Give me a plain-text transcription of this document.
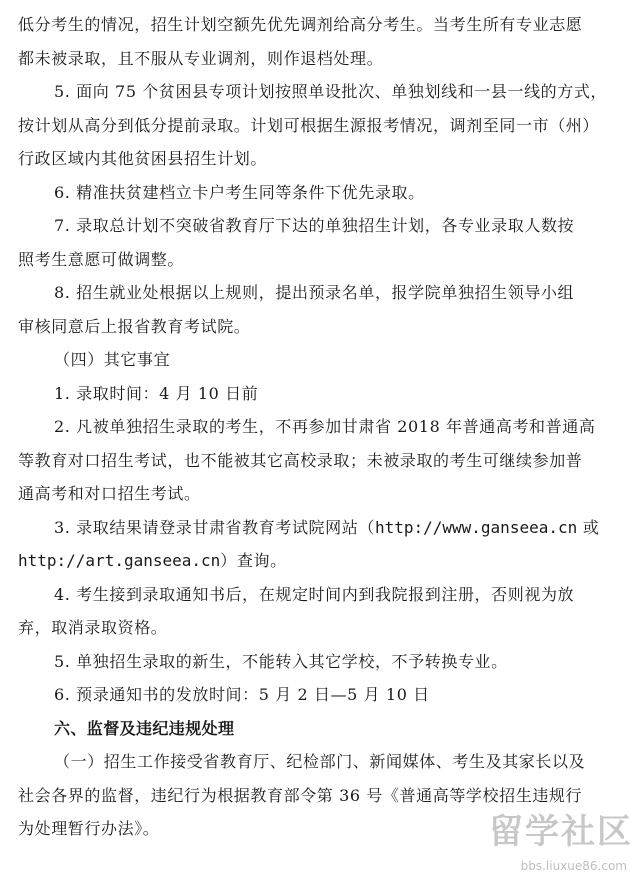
低分考生的情况，招生计划空额先优先调剂给高分考生。当考生所有专业志愿
都未被录取，且不服从专业调剂，则作退档处理。
5. 面向 75 个贫困县专项计划按照单设批次、单独划线和一县一线的方式，
按计划从高分到低分提前录取。计划可根据生源报考情况，调剂至同一市（州）
行政区域内其他贫困县招生计划。
6. 精准扶贫建档立卡户考生同等条件下优先录取。
7. 录取总计划不突破省教育厅下达的单独招生计划，各专业录取人数按
照考生意愿可做调整。
8. 招生就业处根据以上规则，提出预录名单，报学院单独招生领导小组
审核同意后上报省教育考试院。
（四）其它事宜
1. 录取时间：4 月 10 日前
2. 凡被单独招生录取的考生，不再参加甘肃省 2018 年普通高考和普通高
等教育对口招生考试，也不能被其它高校录取；未被录取的考生可继续参加普
通高考和对口招生考试。
3. 录取结果请登录甘肃省教育考试院网站（http://www.ganseea.cn 或
http://art.ganseea.cn）查询。
4. 考生接到录取通知书后，在规定时间内到我院报到注册，否则视为放
弃，取消录取资格。
5. 单独招生录取的新生，不能转入其它学校，不予转换专业。
6. 预录通知书的发放时间：5 月 2 日—5 月 10 日
六、监督及违纪违规处理
（一）招生工作接受省教育厅、纪检部门、新闻媒体、考生及其家长以及
社会各界的监督，违纪行为根据教育部令第 36 号《普通高等学校招生违规行
为处理暂行办法》。	留学社区
bbs.liuxue86.com
